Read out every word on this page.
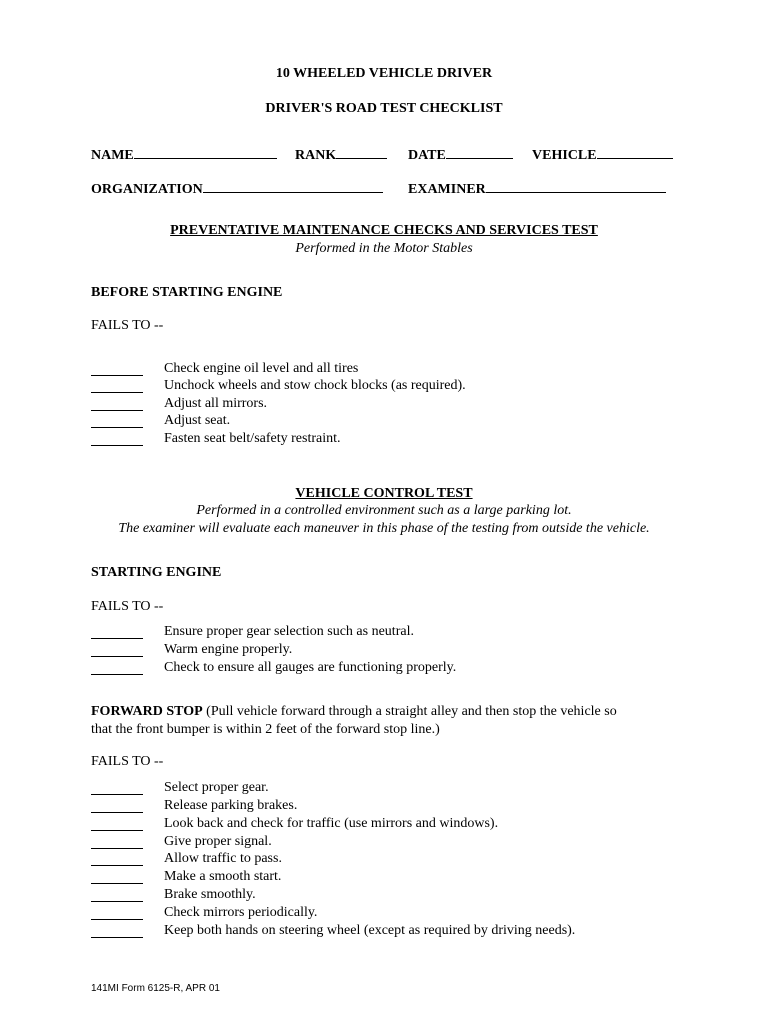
10 WHEELED VEHICLE DRIVER
DRIVER'S ROAD TEST CHECKLIST
NAME	RANK	DATE	VEHICLE
ORGANIZATION	EXAMINER
PREVENTATIVE MAINTENANCE CHECKS AND SERVICES TEST
Performed in the Motor Stables
BEFORE STARTING ENGINE
FAILS TO --
Check engine oil level and all tires
Unchock wheels and stow chock blocks (as required).
Adjust all mirrors.
Adjust seat.
Fasten seat belt/safety restraint.
VEHICLE CONTROL TEST
Performed in a controlled environment such as a large parking lot.
The examiner will evaluate each maneuver in this phase of the testing from outside the vehicle.
STARTING ENGINE
FAILS TO --
Ensure proper gear selection such as neutral.
Warm engine properly.
Check to ensure all gauges are functioning properly.
FORWARD STOP (Pull vehicle forward through a straight alley and then stop the vehicle so
that the front bumper is within 2 feet of the forward stop line.)
FAILS TO --
Select proper gear.
Release parking brakes.
Look back and check for traffic (use mirrors and windows).
Give proper signal.
Allow traffic to pass.
Make a smooth start.
Brake smoothly.
Check mirrors periodically.
Keep both hands on steering wheel (except as required by driving needs).
141MI Form 6125-R, APR 01
